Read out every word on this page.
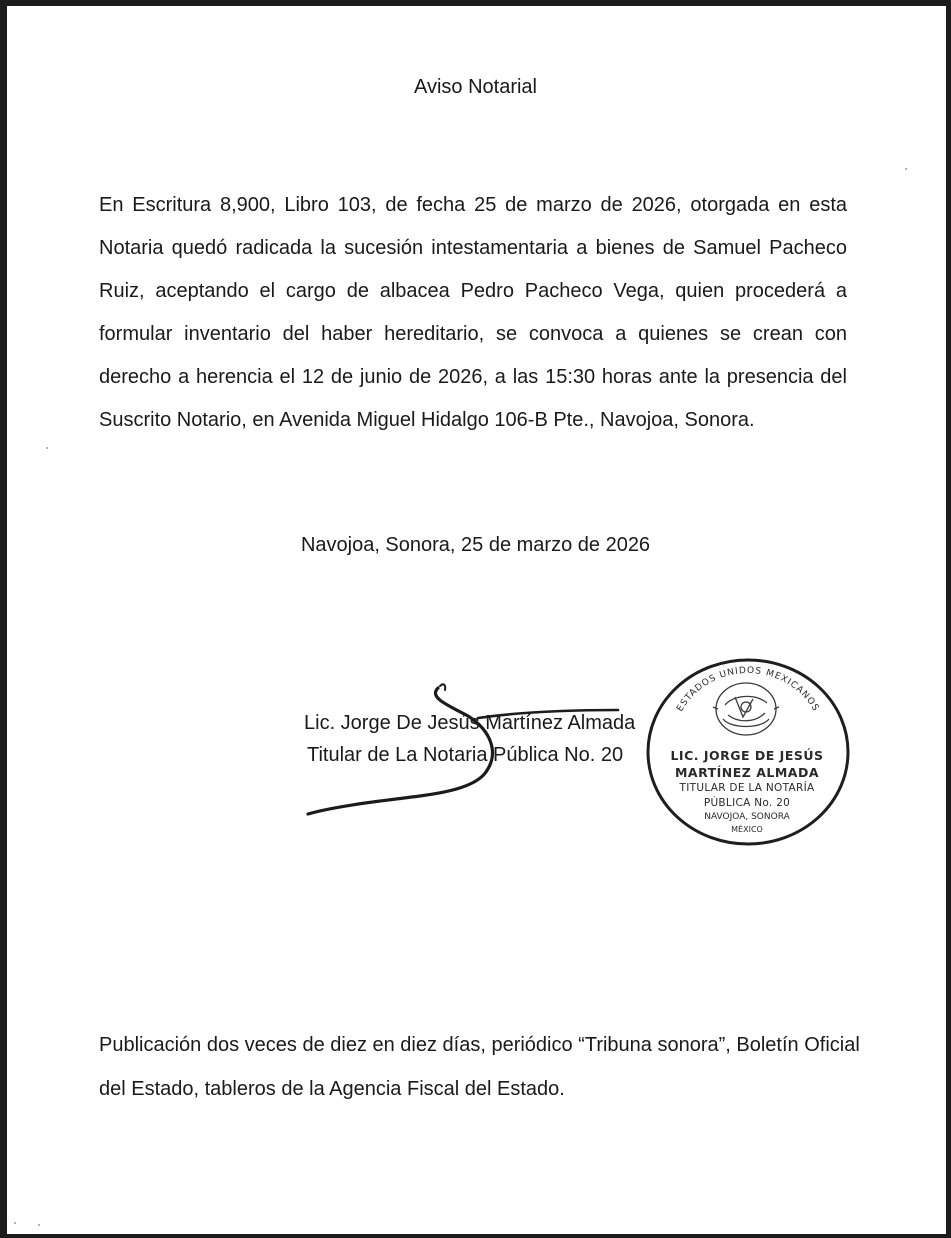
Aviso Notarial

En Escritura 8,900, Libro 103, de fecha 25 de marzo de 2026, otorgada en esta Notaria quedó radicada la sucesión intestamentaria a bienes de Samuel Pacheco Ruiz, aceptando el cargo de albacea Pedro Pacheco Vega, quien procederá a formular inventario del haber hereditario, se convoca a quienes se crean con derecho a herencia el 12 de junio de 2026, a las 15:30 horas ante la presencia del Suscrito Notario, en Avenida Miguel Hidalgo 106-B Pte., Navojoa, Sonora.

Navojoa, Sonora, 25 de marzo de 2026
Lic. Jorge De Jesús Martínez Almada
Titular de La Notaria Pública No. 20
ESTADOS UNIDOS MEXICANOS
LIC. JORGE DE JESÚS
MARTÍNEZ ALMADA
TITULAR DE LA NOTARÍA
PÚBLICA No. 20
NAVOJOA, SONORA
MÉXICO

Publicación dos veces de diez en diez días, periódico “Tribuna sonora”, Boletín Oficial del Estado, tableros de la Agencia Fiscal del Estado.
